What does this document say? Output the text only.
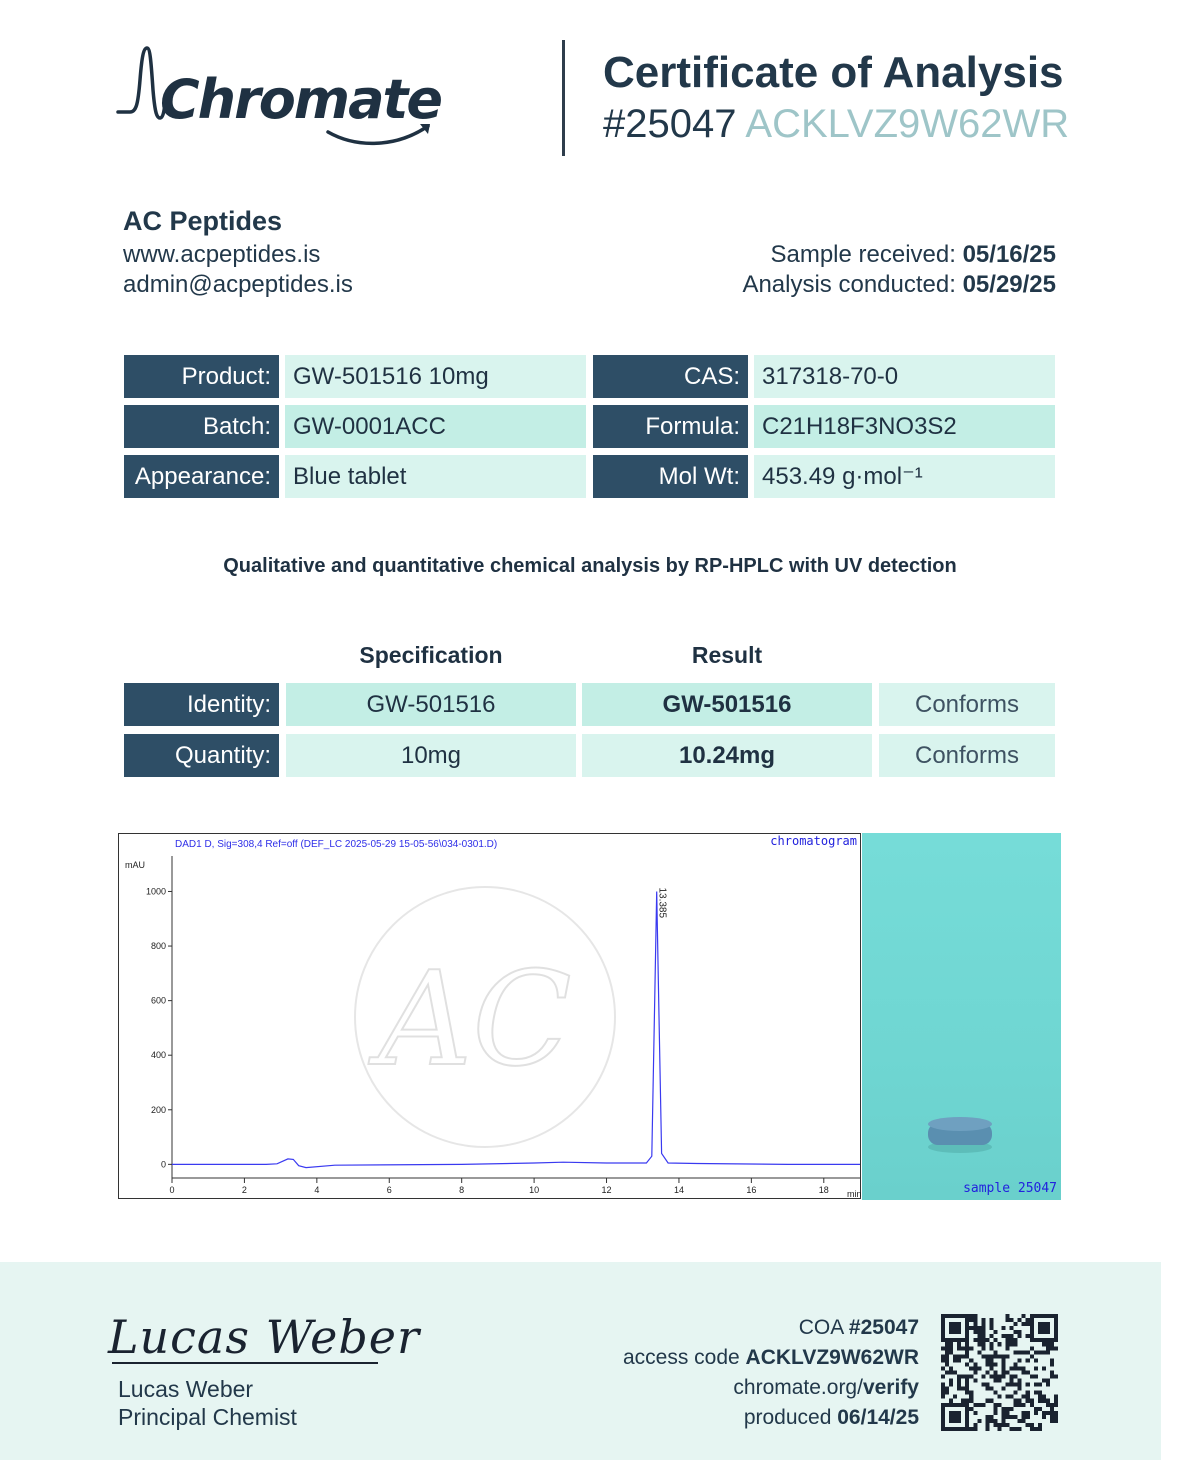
Chromate	Certificate of Analysis
#25047 ACKLVZ9W62WR
AC Peptides
www.acpeptides.is
admin@acpeptides.is
Sample received: 05/16/25
Analysis conducted: 05/29/25
Product: GW-501516 10mg
Batch: GW-0001ACC
Appearance: Blue tablet
CAS: 317318-70-0
Formula: C21H18F3NO3S2
Mol Wt: 453.49 g·mol⁻¹
Qualitative and quantitative chemical analysis by RP-HPLC with UV detection
Specification	Result
Identity:	GW-501516	GW-501516	Conforms
Quantity:	10mg	10.24mg	Conforms
AC
DAD1 D, Sig=308,4 Ref=off (DEF_LC 2025-05-29 15-05-56\034-0301.D)	chromatogram
mAU
min
0
200
400
600
800
1000
0	2	4	6	8	10	12	14	16	18
13.385
sample 25047
Lucas Weber
Lucas Weber
Principal Chemist
COA #25047
access code ACKLVZ9W62WR
chromate.org/verify
produced 06/14/25
